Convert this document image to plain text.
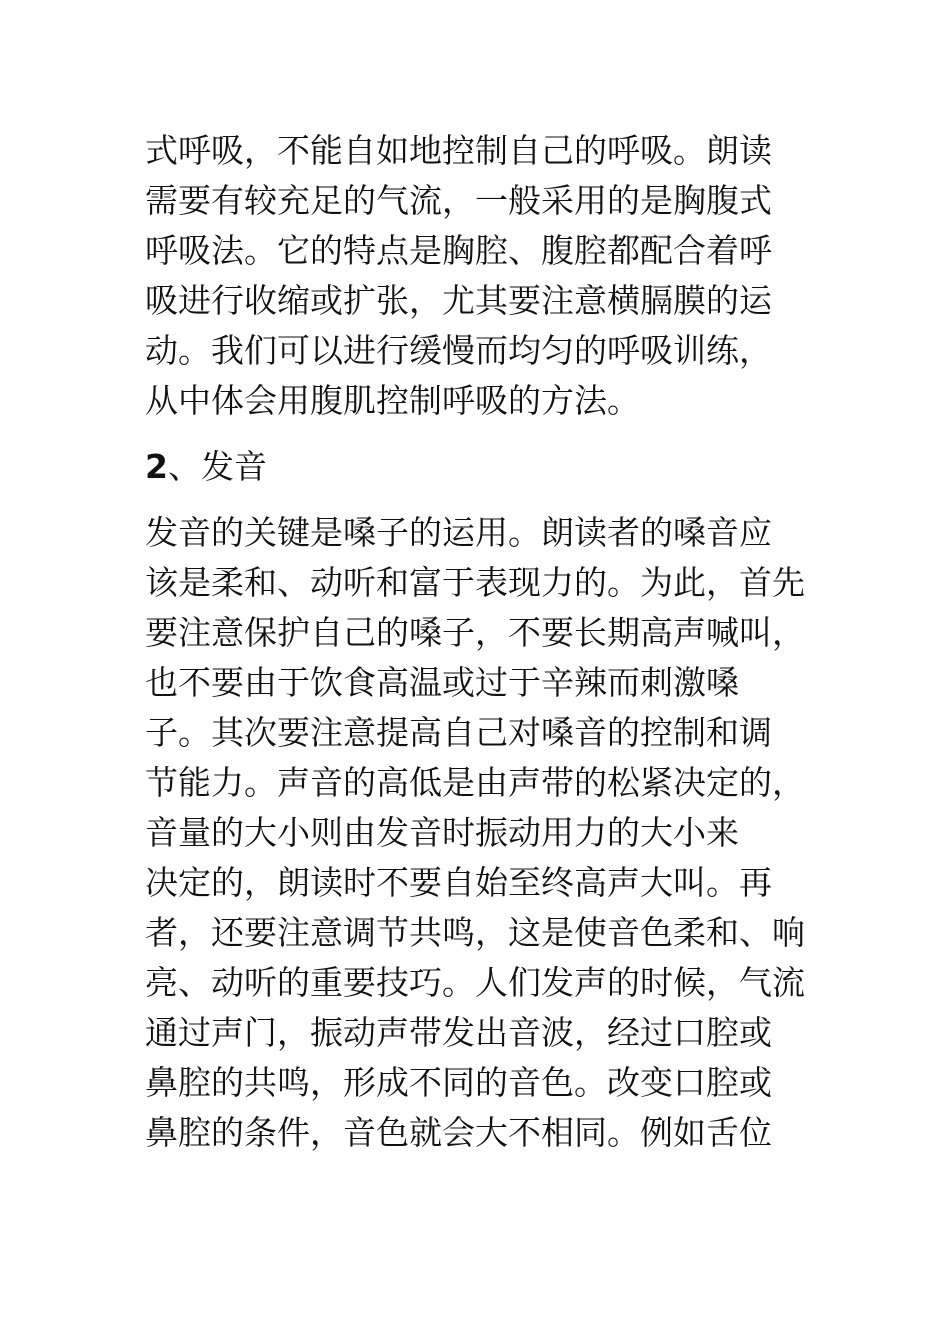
式呼吸，不能自如地控制自己的呼吸。朗读
需要有较充足的气流，一般采用的是胸腹式
呼吸法。它的特点是胸腔、腹腔都配合着呼
吸进行收缩或扩张，尤其要注意横膈膜的运
动。我们可以进行缓慢而均匀的呼吸训练，
从中体会用腹肌控制呼吸的方法。
2、发音
发音的关键是嗓子的运用。朗读者的嗓音应
该是柔和、动听和富于表现力的。为此，首先
要注意保护自己的嗓子，不要长期高声喊叫，
也不要由于饮食高温或过于辛辣而刺激嗓
子。其次要注意提高自己对嗓音的控制和调
节能力。声音的高低是由声带的松紧决定的，
音量的大小则由发音时振动用力的大小来
决定的，朗读时不要自始至终高声大叫。再
者，还要注意调节共鸣，这是使音色柔和、响
亮、动听的重要技巧。人们发声的时候，气流
通过声门，振动声带发出音波，经过口腔或
鼻腔的共鸣，形成不同的音色。改变口腔或
鼻腔的条件，音色就会大不相同。例如舌位
